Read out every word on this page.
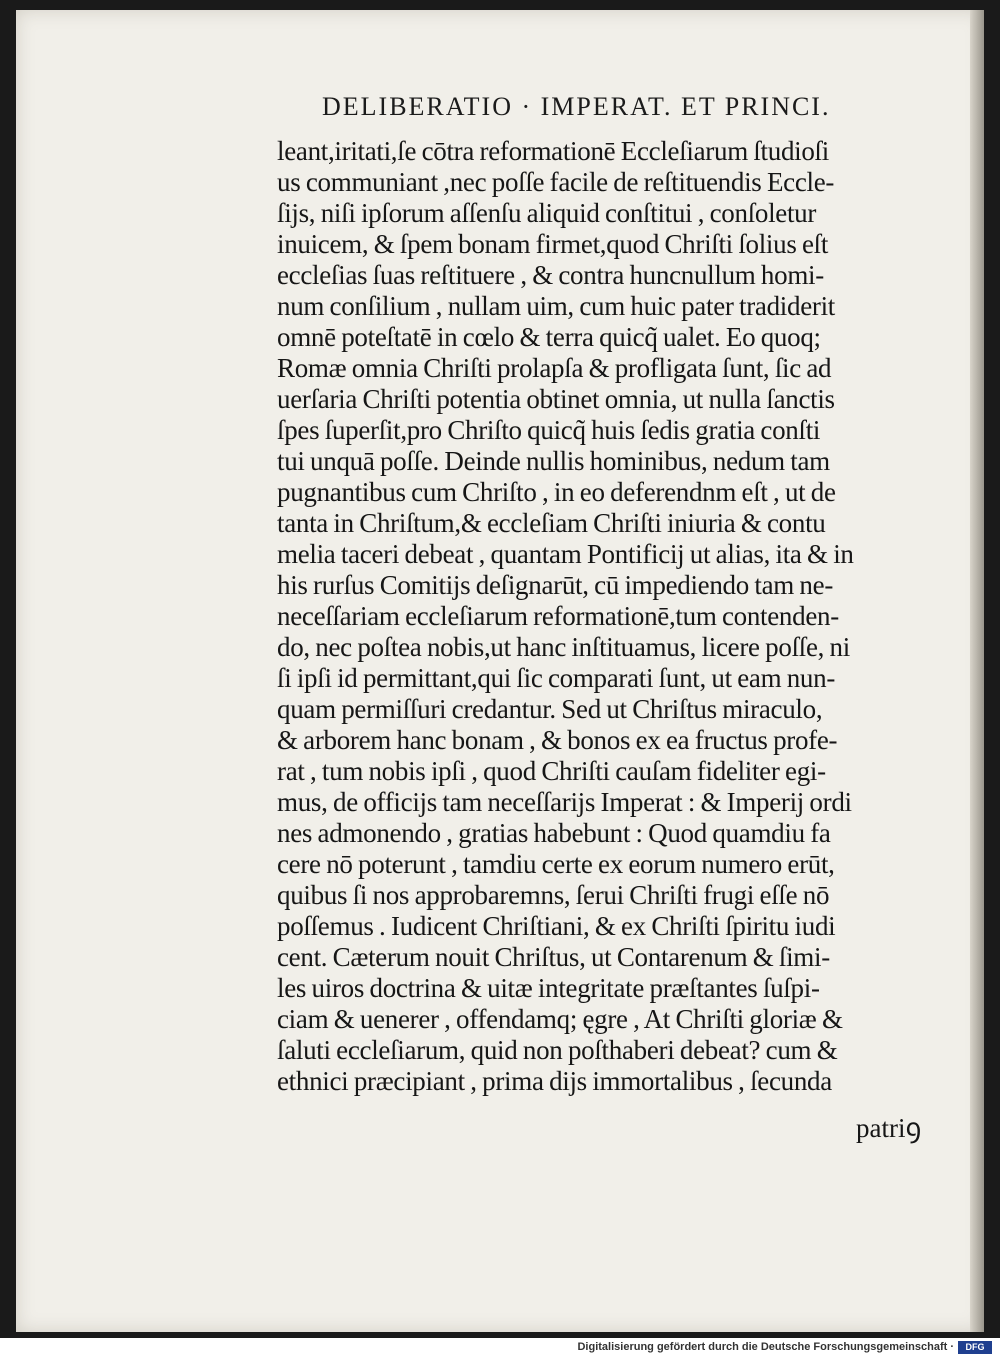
DELIBERATIO · IMPERAT. ET PRINCI.
leant,iritati,ſe cōtra reformationē Eccleſiarum ſtudioſi
us communiant ,nec poſſe facile de reſtituendis Eccle-
ſijs, niſi ipſorum aſſenſu aliquid conſtitui , conſoletur
inuicem, & ſpem bonam firmet,quod Chriſti ſolius eſt
eccleſias ſuas reſtituere , & contra huncnullum homi-
num conſilium , nullam uim, cum huic pater tradiderit
omnē poteſtatē in cœlo & terra quicq̃ ualet. Eo quoq;
Romæ omnia Chriſti prolapſa & profligata ſunt, ſic ad
uerſaria Chriſti potentia obtinet omnia, ut nulla ſanctis
ſpes ſuperſit,pro Chriſto quicq̃ huis ſedis gratia conſti
tui unquā poſſe. Deinde nullis hominibus, nedum tam
pugnantibus cum Chriſto , in eo deferendnm eſt , ut de
tanta in Chriſtum,& eccleſiam Chriſti iniuria & contu
melia taceri debeat , quantam Pontificij ut alias, ita & in
his rurſus Comitijs deſignarūt, cū impediendo tam ne-
neceſſariam eccleſiarum reformationē,tum contenden-
do, nec poſtea nobis,ut hanc inſtituamus, licere poſſe, ni
ſi ipſi id permittant,qui ſic comparati ſunt, ut eam nun-
quam permiſſuri credantur. Sed ut Chriſtus miraculo,
& arborem hanc bonam , & bonos ex ea fructus profe-
rat , tum nobis ipſi , quod Chriſti cauſam fideliter egi-
mus, de officijs tam neceſſarijs Imperat : & Imperij ordi
nes admonendo , gratias habebunt : Quod quamdiu fa
cere nō poterunt , tamdiu certe ex eorum numero erūt,
quibus ſi nos approbaremns, ſerui Chriſti frugi eſſe nō
poſſemus . Iudicent Chriſtiani, & ex Chriſti ſpiritu iudi
cent. Cæterum nouit Chriſtus, ut Contarenum & ſimi-
les uiros doctrina & uitæ integritate præſtantes ſuſpi-
ciam & uenerer , offendamq; ęgre , At Chriſti gloriæ &
ſaluti eccleſiarum, quid non poſthaberi debeat? cum &
ethnici præcipiant , prima dijs immortalibus , ſecunda
patriꝯ
Digitalisierung gefördert durch die Deutsche Forschungsgemeinschaft ·	DFG
